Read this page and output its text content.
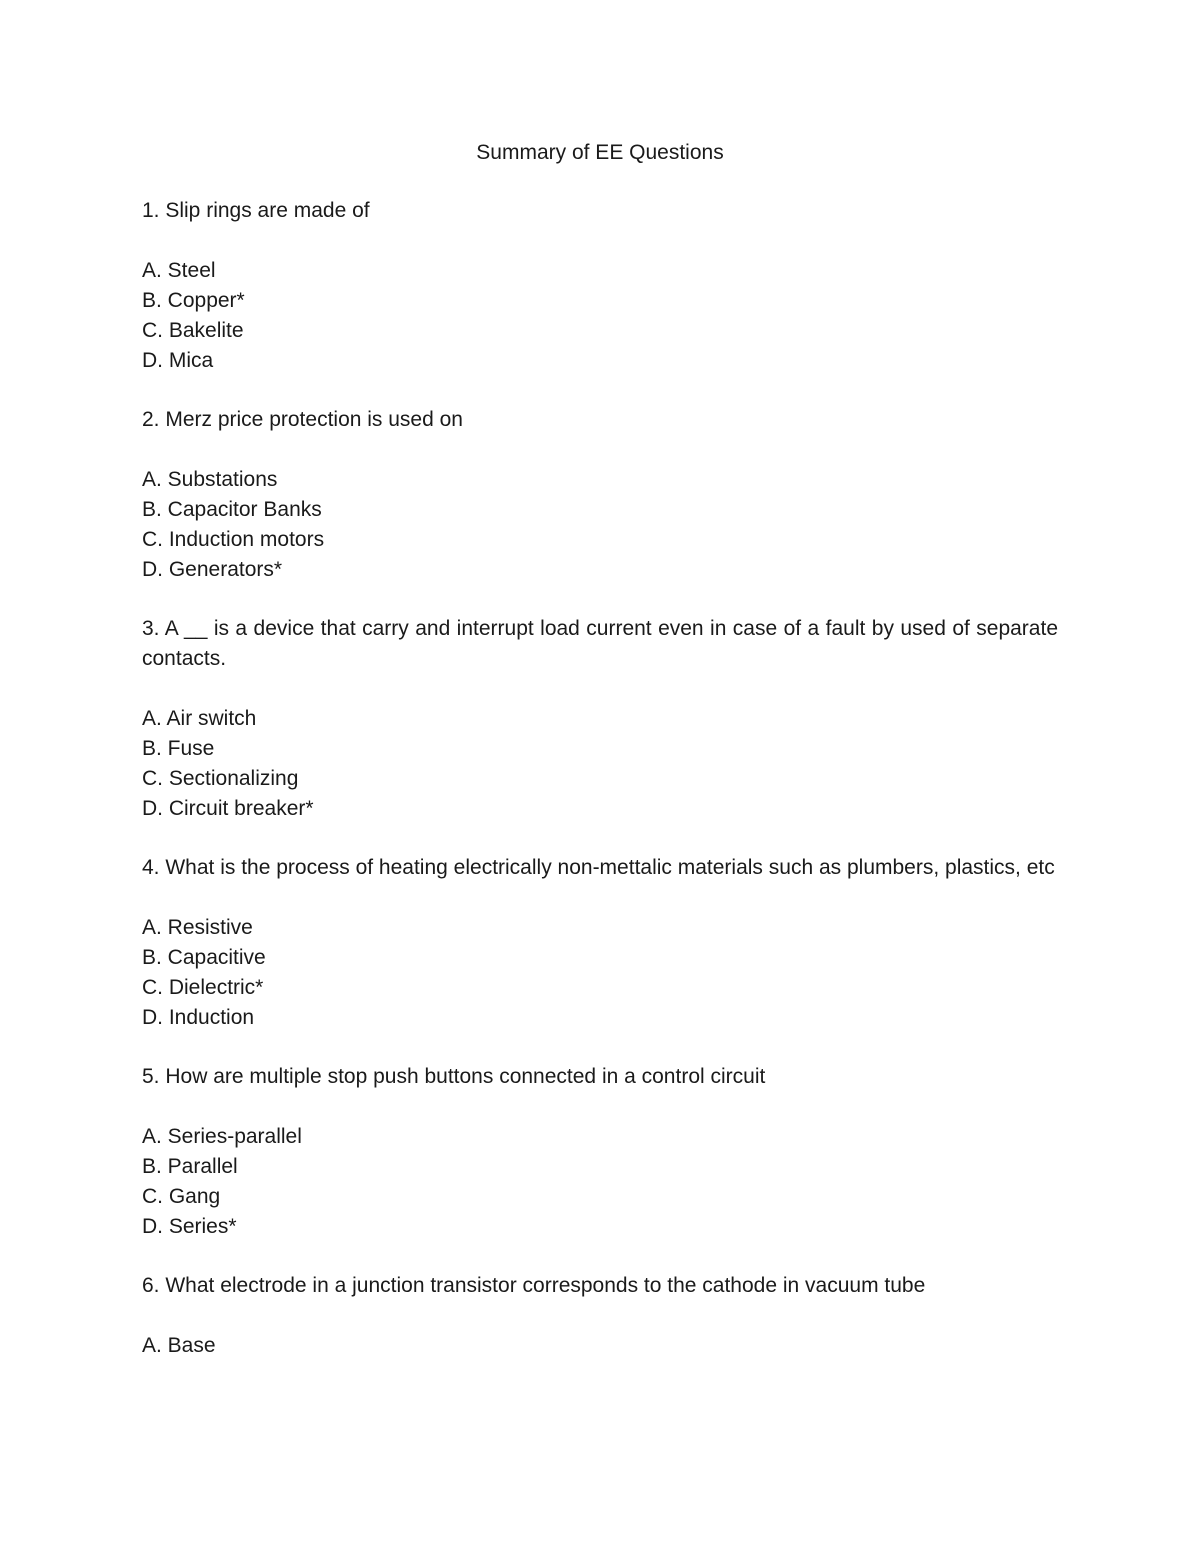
Summary of EE Questions
1. Slip rings are made of
A. Steel
B. Copper*
C. Bakelite
D. Mica
2. Merz price protection is used on
A. Substations
B. Capacitor Banks
C. Induction motors
D. Generators*
3. A __ is a device that carry and interrupt load current even in case of a fault by used of separate contacts.
A. Air switch
B. Fuse
C. Sectionalizing
D. Circuit breaker*
4. What is the process of heating electrically non-mettalic materials such as plumbers, plastics, etc
A. Resistive
B. Capacitive
C. Dielectric*
D. Induction
5. How are multiple stop push buttons connected in a control circuit
A. Series-parallel
B. Parallel
C. Gang
D. Series*
6. What electrode in a junction transistor corresponds to the cathode in vacuum tube
A. Base
